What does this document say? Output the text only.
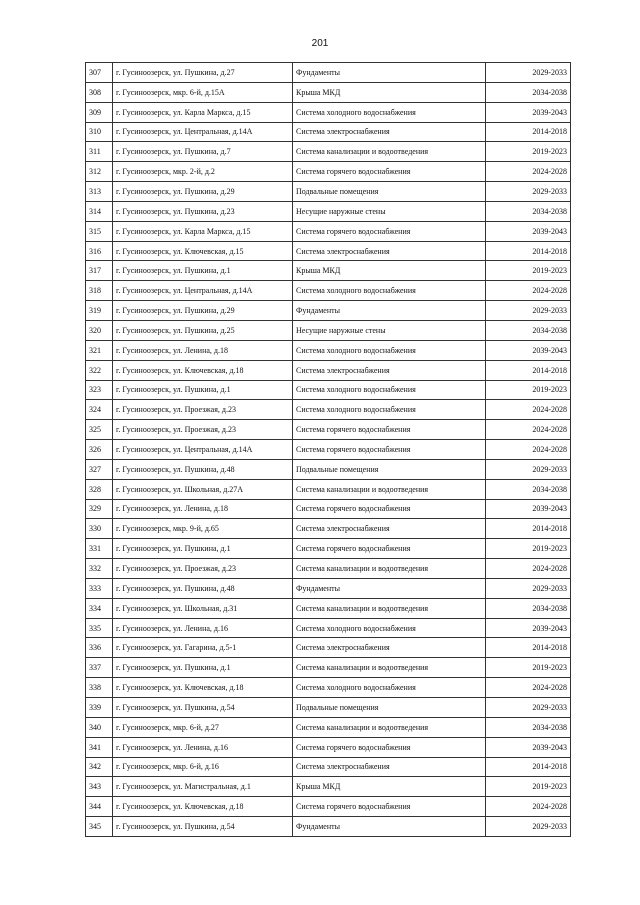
201
307	г. Гусиноозерск, ул. Пушкина, д.27	Фундаменты	2029-2033
308	г. Гусиноозерск, мкр. 6-й, д.15А	Крыша МКД	2034-2038
309	г. Гусиноозерск, ул. Карла Маркса, д.15	Система холодного водоснабжения	2039-2043
310	г. Гусиноозерск, ул. Центральная, д.14А	Система электроснабжения	2014-2018
311	г. Гусиноозерск, ул. Пушкина, д.7	Система канализации и водоотведения	2019-2023
312	г. Гусиноозерск, мкр. 2-й, д.2	Система горячего водоснабжения	2024-2028
313	г. Гусиноозерск, ул. Пушкина, д.29	Подвальные помещения	2029-2033
314	г. Гусиноозерск, ул. Пушкина, д.23	Несущие наружные стены	2034-2038
315	г. Гусиноозерск, ул. Карла Маркса, д.15	Система горячего водоснабжения	2039-2043
316	г. Гусиноозерск, ул. Ключевская, д.15	Система электроснабжения	2014-2018
317	г. Гусиноозерск, ул. Пушкина, д.1	Крыша МКД	2019-2023
318	г. Гусиноозерск, ул. Центральная, д.14А	Система холодного водоснабжения	2024-2028
319	г. Гусиноозерск, ул. Пушкина, д.29	Фундаменты	2029-2033
320	г. Гусиноозерск, ул. Пушкина, д.25	Несущие наружные стены	2034-2038
321	г. Гусиноозерск, ул. Ленина, д.18	Система холодного водоснабжения	2039-2043
322	г. Гусиноозерск, ул. Ключевская, д.18	Система электроснабжения	2014-2018
323	г. Гусиноозерск, ул. Пушкина, д.1	Система холодного водоснабжения	2019-2023
324	г. Гусиноозерск, ул. Проезжая, д.23	Система холодного водоснабжения	2024-2028
325	г. Гусиноозерск, ул. Проезжая, д.23	Система горячего водоснабжения	2024-2028
326	г. Гусиноозерск, ул. Центральная, д.14А	Система горячего водоснабжения	2024-2028
327	г. Гусиноозерск, ул. Пушкина, д.48	Подвальные помещения	2029-2033
328	г. Гусиноозерск, ул. Школьная, д.27А	Система канализации и водоотведения	2034-2038
329	г. Гусиноозерск, ул. Ленина, д.18	Система горячего водоснабжения	2039-2043
330	г. Гусиноозерск, мкр. 9-й, д.65	Система электроснабжения	2014-2018
331	г. Гусиноозерск, ул. Пушкина, д.1	Система горячего водоснабжения	2019-2023
332	г. Гусиноозерск, ул. Проезжая, д.23	Система канализации и водоотведения	2024-2028
333	г. Гусиноозерск, ул. Пушкина, д.48	Фундаменты	2029-2033
334	г. Гусиноозерск, ул. Школьная, д.31	Система канализации и водоотведения	2034-2038
335	г. Гусиноозерск, ул. Ленина, д.16	Система холодного водоснабжения	2039-2043
336	г. Гусиноозерск, ул. Гагарина, д.5-1	Система электроснабжения	2014-2018
337	г. Гусиноозерск, ул. Пушкина, д.1	Система канализации и водоотведения	2019-2023
338	г. Гусиноозерск, ул. Ключевская, д.18	Система холодного водоснабжения	2024-2028
339	г. Гусиноозерск, ул. Пушкина, д.54	Подвальные помещения	2029-2033
340	г. Гусиноозерск, мкр. 6-й, д.27	Система канализации и водоотведения	2034-2038
341	г. Гусиноозерск, ул. Ленина, д.16	Система горячего водоснабжения	2039-2043
342	г. Гусиноозерск, мкр. 6-й, д.16	Система электроснабжения	2014-2018
343	г. Гусиноозерск, ул. Магистральная, д.1	Крыша МКД	2019-2023
344	г. Гусиноозерск, ул. Ключевская, д.18	Система горячего водоснабжения	2024-2028
345	г. Гусиноозерск, ул. Пушкина, д.54	Фундаменты	2029-2033
